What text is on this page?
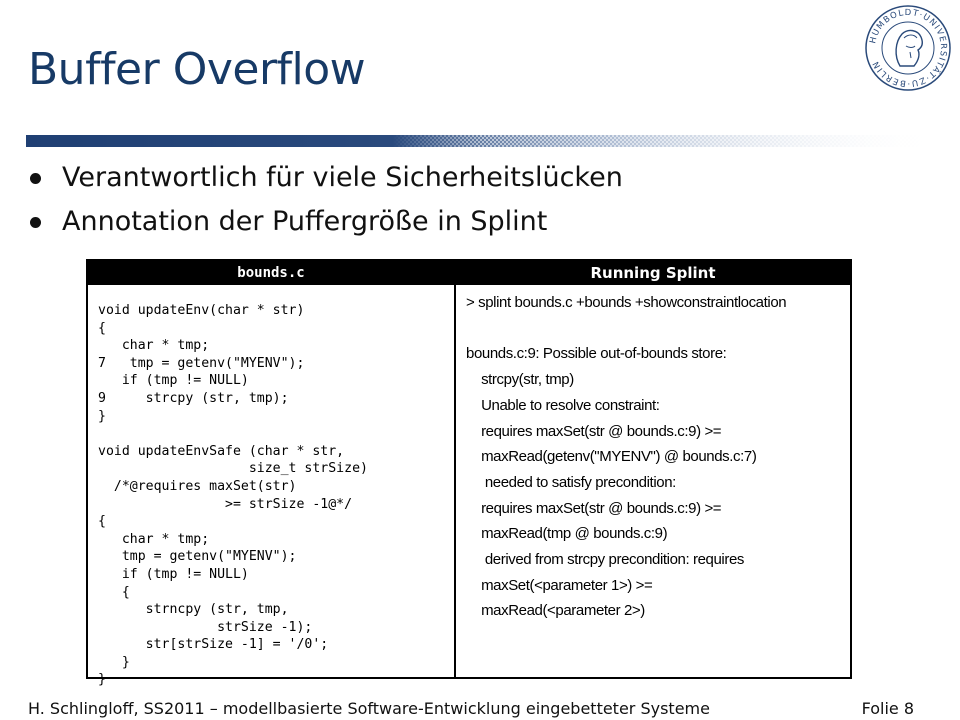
Buffer Overflow
HUMBOLDT·UNIVERSITÄT·ZU·BERLIN
Verantwortlich für viele Sicherheitslücken
Annotation der Puffergröße in Splint
bounds.c	Running Splint
void updateEnv(char * str)
{
char * tmp;
7   tmp = getenv("MYENV");
if (tmp != NULL)
9     strcpy (str, tmp);
}

void updateEnvSafe (char * str,
size_t strSize)
/*@requires maxSet(str)
>= strSize -1@*/
{
char * tmp;
tmp = getenv("MYENV");
if (tmp != NULL)
{
strncpy (str, tmp,
strSize -1);
str[strSize -1] = '/0';
}
}
> splint bounds.c +bounds +showconstraintlocation

bounds.c:9: Possible out-of-bounds store:
strcpy(str, tmp)
Unable to resolve constraint:
requires maxSet(str @ bounds.c:9) >=
maxRead(getenv("MYENV") @ bounds.c:7)
needed to satisfy precondition:
requires maxSet(str @ bounds.c:9) >=
maxRead(tmp @ bounds.c:9)
derived from strcpy precondition: requires
maxSet(<parameter 1>) >=
maxRead(<parameter 2>)
H. Schlingloff, SS2011 – modellbasierte Software-Entwicklung eingebetteter Systeme	Folie 8
